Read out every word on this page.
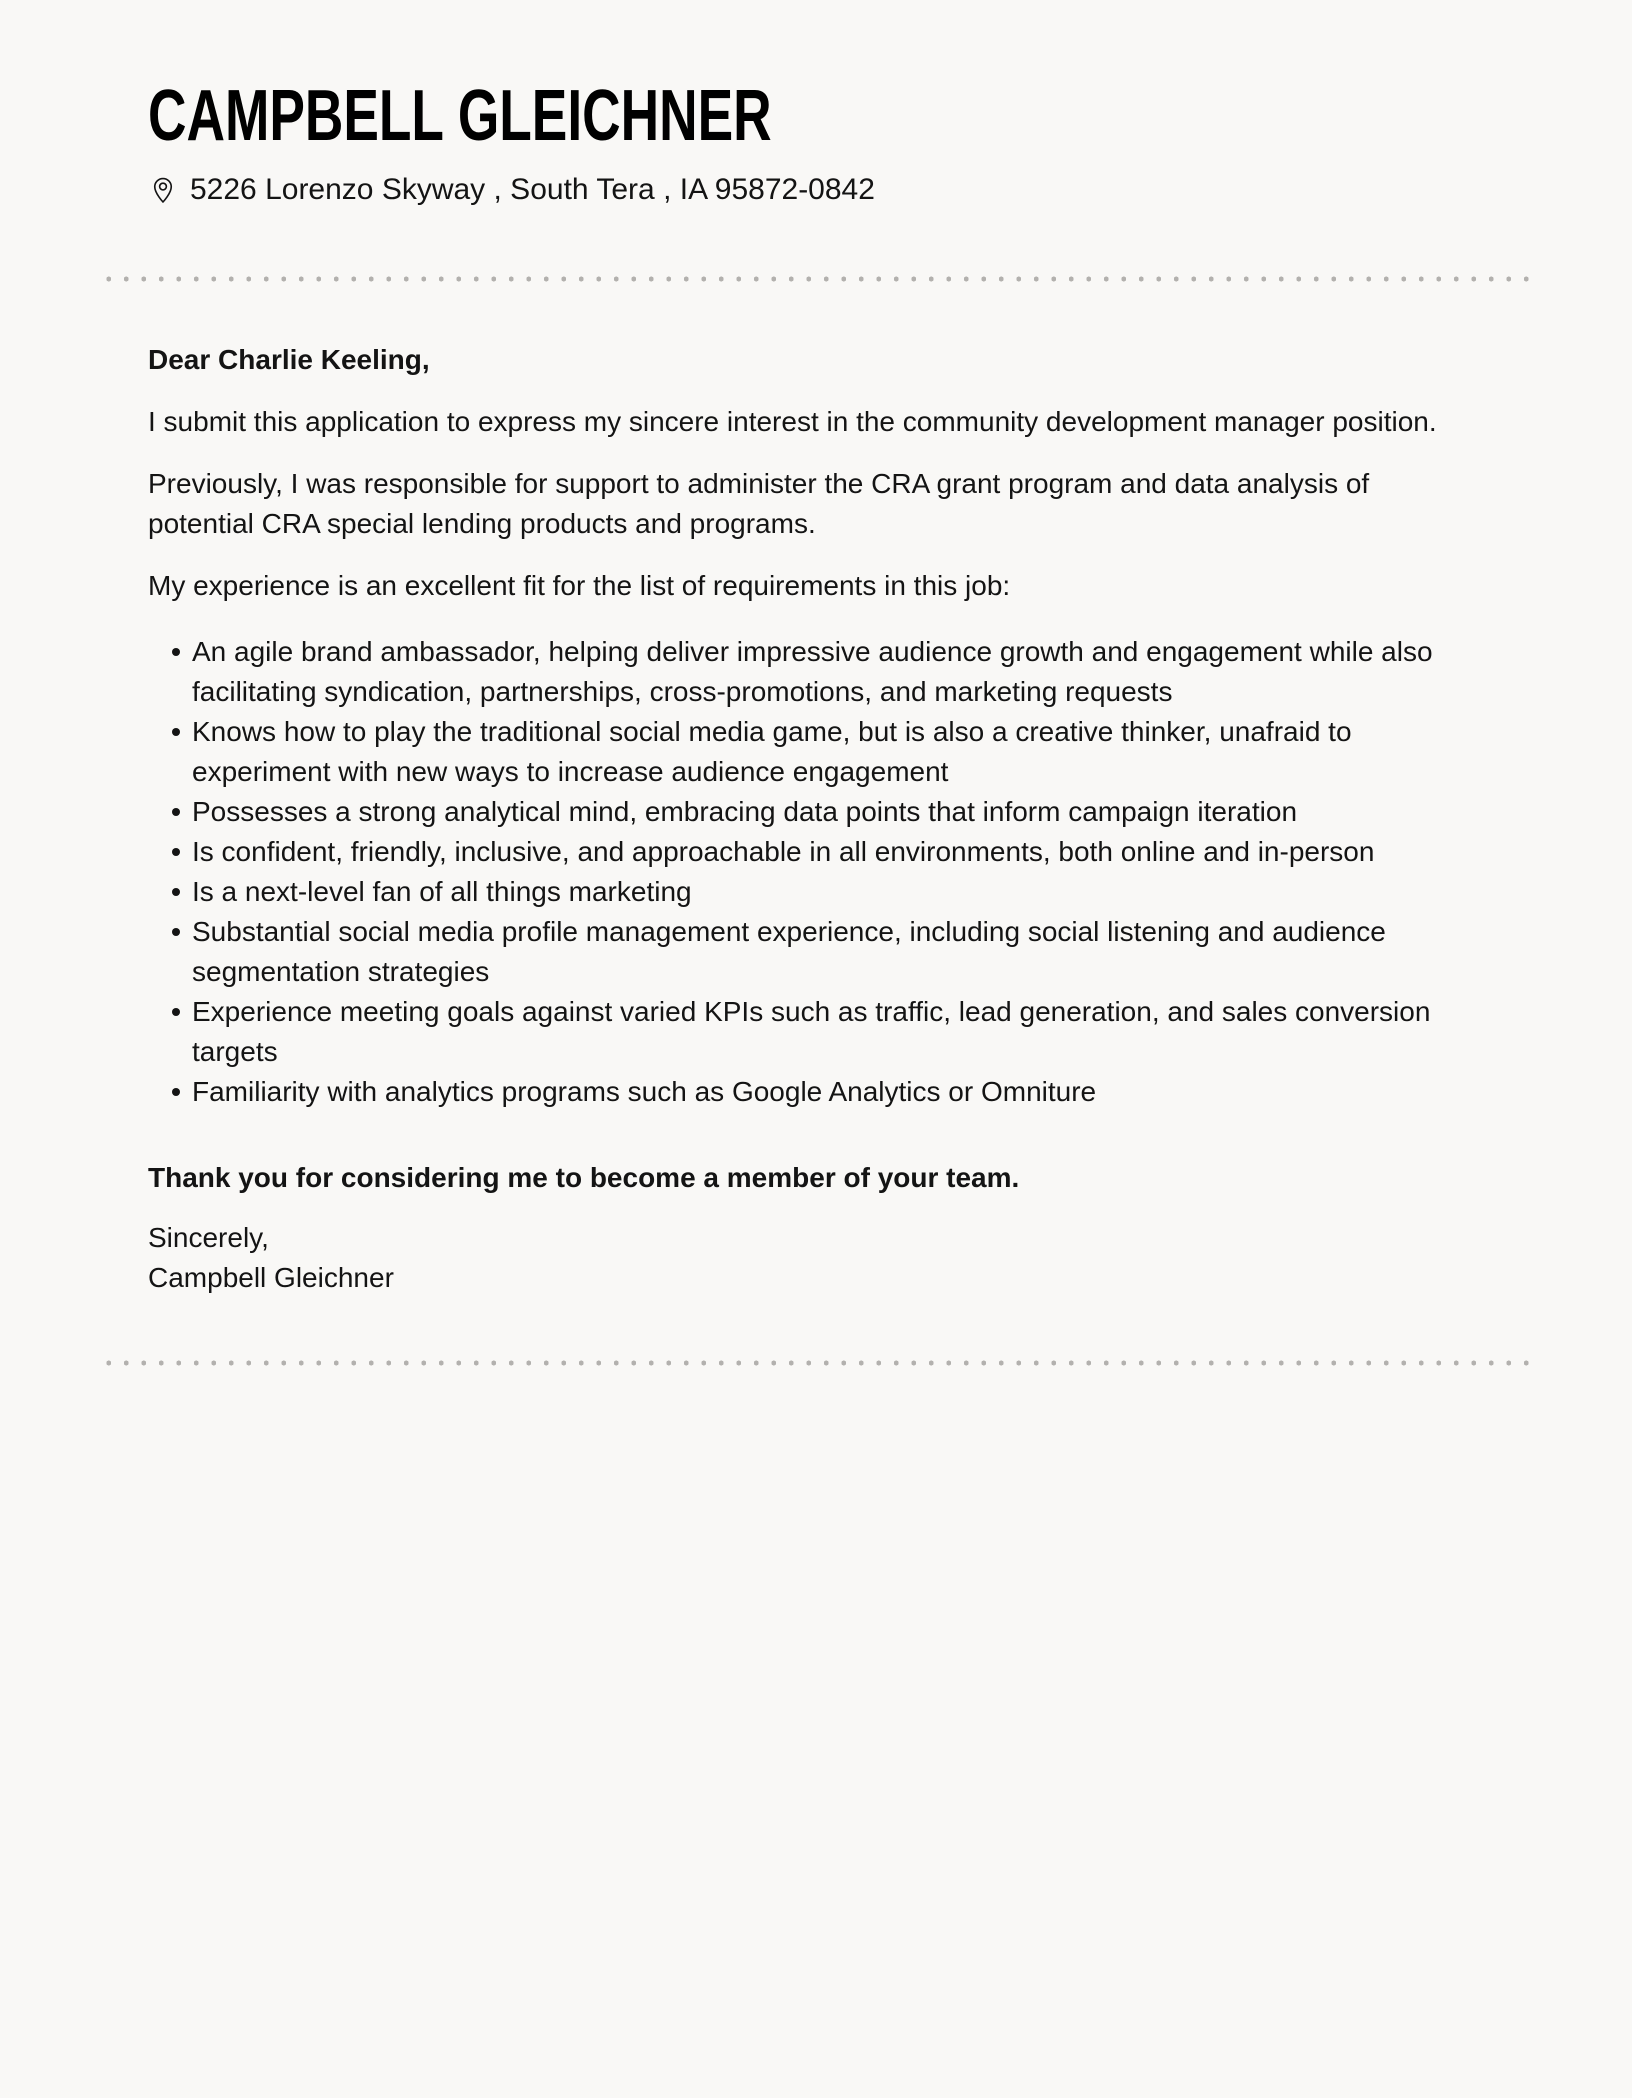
CAMPBELL GLEICHNER
5226 Lorenzo Skyway , South Tera , IA 95872-0842

Dear Charlie Keeling,

I submit this application to express my sincere interest in the community development manager position.

Previously, I was responsible for support to administer the CRA grant program and data analysis of potential CRA special lending products and programs.

My experience is an excellent fit for the list of requirements in this job:

An agile brand ambassador, helping deliver impressive audience growth and engagement while also facilitating syndication, partnerships, cross-promotions, and marketing requests
Knows how to play the traditional social media game, but is also a creative thinker, unafraid to experiment with new ways to increase audience engagement
Possesses a strong analytical mind, embracing data points that inform campaign iteration
Is confident, friendly, inclusive, and approachable in all environments, both online and in-person
Is a next-level fan of all things marketing
Substantial social media profile management experience, including social listening and audience segmentation strategies
Experience meeting goals against varied KPIs such as traffic, lead generation, and sales conversion targets
Familiarity with analytics programs such as Google Analytics or Omniture

Thank you for considering me to become a member of your team.

Sincerely,
Campbell Gleichner
